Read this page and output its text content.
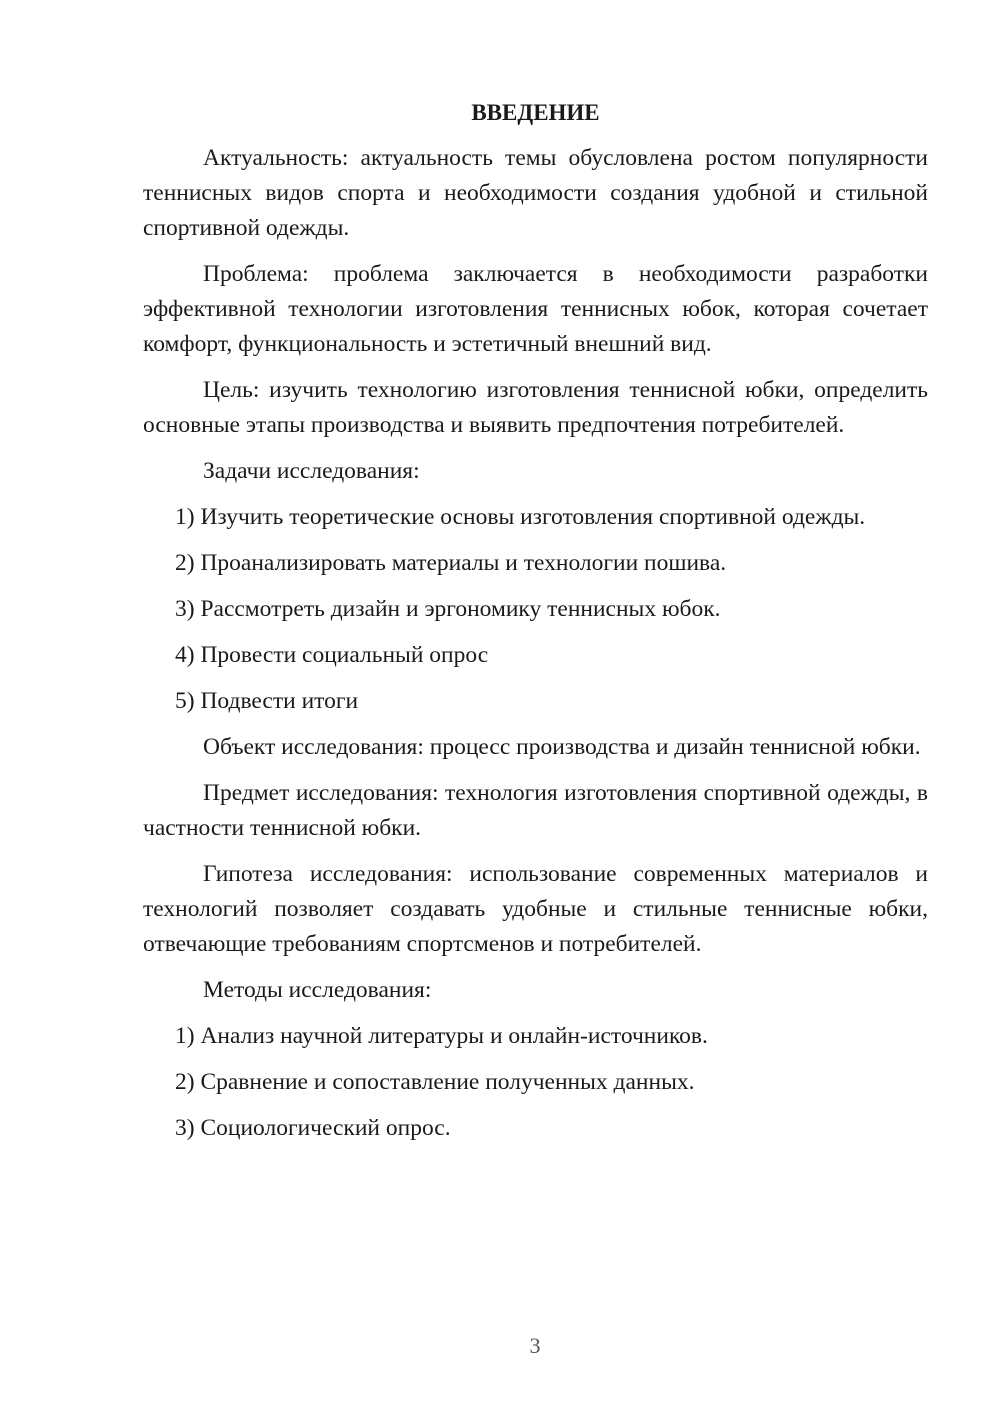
ВВЕДЕНИЕ

Актуальность: актуальность темы обусловлена ростом популярности теннисных видов спорта и необходимости создания удобной и стильной спортивной одежды.

Проблема: проблема заключается в необходимости разработки эффективной технологии изготовления теннисных юбок, которая сочетает комфорт, функциональность и эстетичный внешний вид.

Цель: изучить технологию изготовления теннисной юбки, определить основные этапы производства и выявить предпочтения потребителей.

Задачи исследования:

1) Изучить теоретические основы изготовления спортивной одежды.
2) Проанализировать материалы и технологии пошива.
3) Рассмотреть дизайн и эргономику теннисных юбок.
4) Провести социальный опрос
5) Подвести итоги

Объект исследования: процесс производства и дизайн теннисной юбки.

Предмет исследования: технология изготовления спортивной одежды, в частности теннисной юбки.

Гипотеза исследования: использование современных материалов и технологий позволяет создавать удобные и стильные теннисные юбки, отвечающие требованиям спортсменов и потребителей.

Методы исследования:

1) Анализ научной литературы и онлайн-источников.
2) Сравнение и сопоставление полученных данных.
3) Социологический опрос.
3
